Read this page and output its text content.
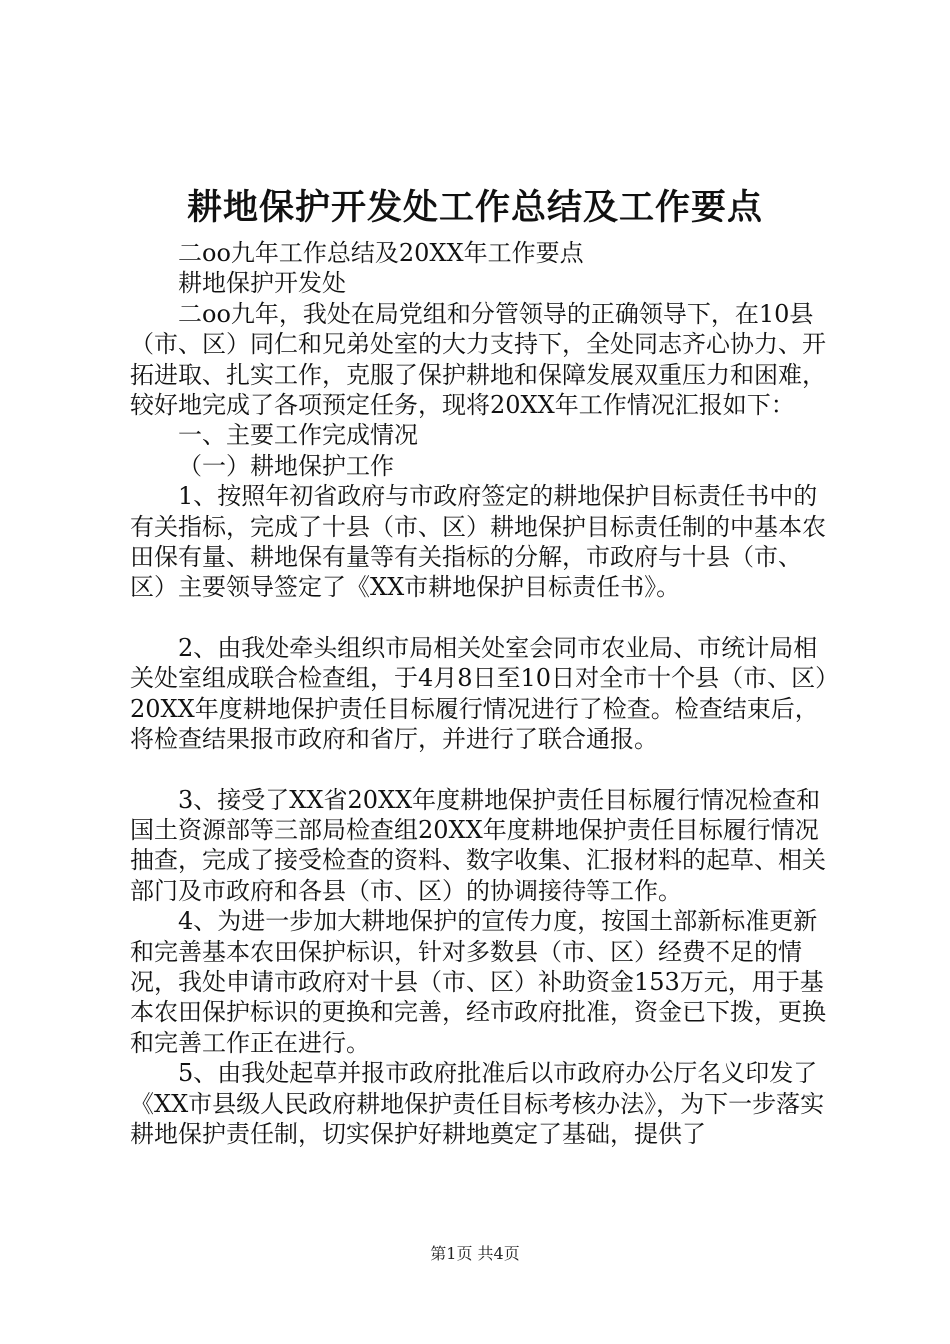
耕地保护开发处工作总结及工作要点

二oo九年工作总结及20XX年工作要点

耕地保护开发处

二oo九年，我处在局党组和分管领导的正确领导下，在10县（市、区）同仁和兄弟处室的大力支持下，全处同志齐心协力、开拓进取、扎实工作，克服了保护耕地和保障发展双重压力和困难，较好地完成了各项预定任务，现将20XX年工作情况汇报如下：

一、主要工作完成情况

（一）耕地保护工作

1、按照年初省政府与市政府签定的耕地保护目标责任书中的有关指标，完成了十县（市、区）耕地保护目标责任制的中基本农田保有量、耕地保有量等有关指标的分解，市政府与十县（市、区）主要领导签定了《XX市耕地保护目标责任书》。

2、由我处牵头组织市局相关处室会同市农业局、市统计局相关处室组成联合检查组，于4月8日至10日对全市十个县（市、区）20XX年度耕地保护责任目标履行情况进行了检查。检查结束后，将检查结果报市政府和省厅，并进行了联合通报。

3、接受了XX省20XX年度耕地保护责任目标履行情况检查和国土资源部等三部局检查组20XX年度耕地保护责任目标履行情况抽查，完成了接受检查的资料、数字收集、汇报材料的起草、相关部门及市政府和各县（市、区）的协调接待等工作。

4、为进一步加大耕地保护的宣传力度，按国土部新标准更新和完善基本农田保护标识，针对多数县（市、区）经费不足的情况，我处申请市政府对十县（市、区）补助资金153万元，用于基本农田保护标识的更换和完善，经市政府批准，资金已下拨，更换和完善工作正在进行。

5、由我处起草并报市政府批准后以市政府办公厅名义印发了《XX市县级人民政府耕地保护责任目标考核办法》，为下一步落实耕地保护责任制，切实保护好耕地奠定了基础，提供了

第1页 共4页
